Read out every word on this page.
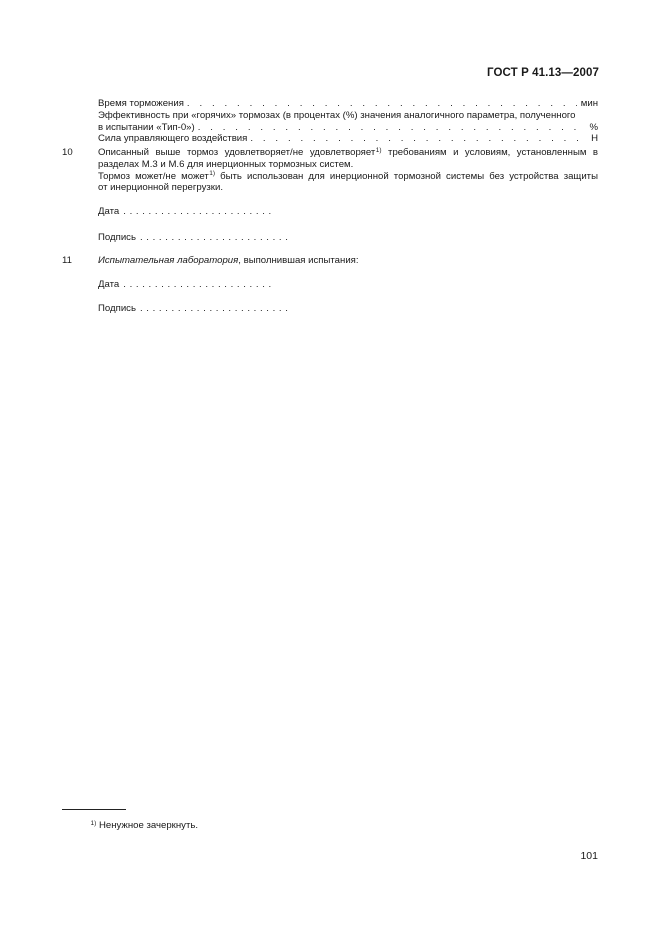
ГОСТ Р 41.13—2007
Время торможения . . .	мин
Эффективность при «горячих» тормозах (в процентах (%) значения аналогичного параметра, полученного
в испытании «Тип-0») . . .	%
Сила управляющего воздействия . . .	Н
10	Описанный выше тормоз удовлетворяет/не удовлетворяет$^{1)}$ требованиям и условиям, установленным в
разделах М.3 и М.6 для инерционных тормозных систем.
Тормоз может/не может$^{1)}$ быть использован для инерционной тормозной системы без устройства защиты
от инерционной перегрузки.
Дата ........................
Подпись ........................
11	Испытательная лаборатория, выполнившая испытания:
Дата ........................
Подпись ........................
$^{1)}$ Ненужное зачеркнуть.
101
